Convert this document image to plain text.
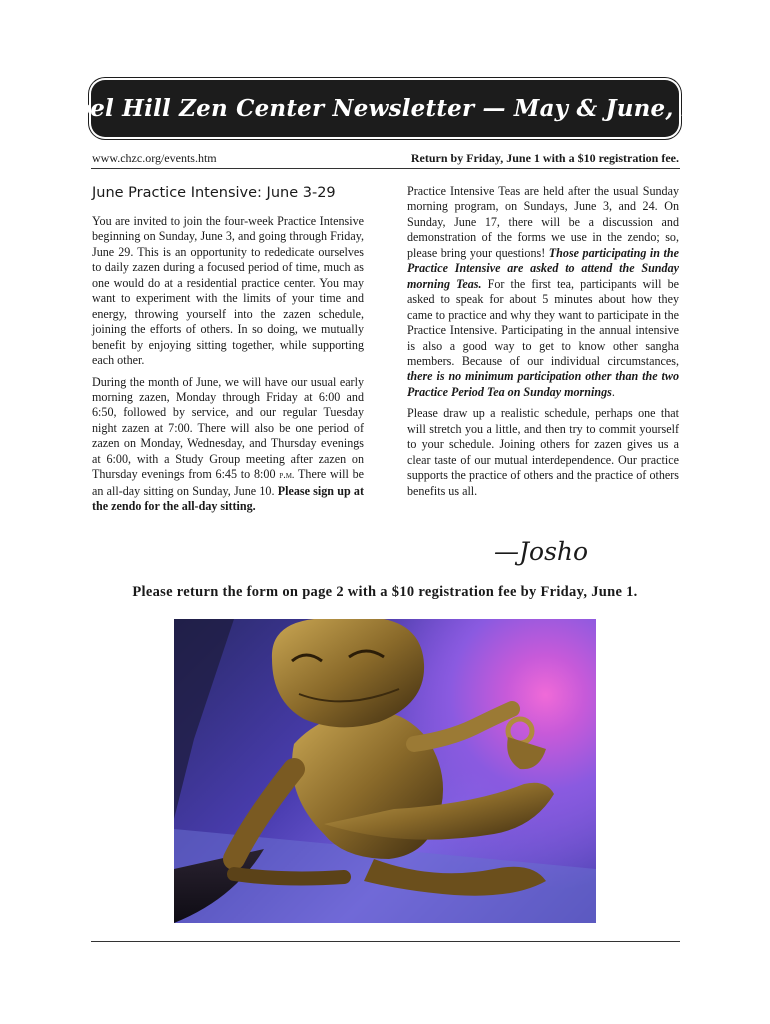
Chapel Hill Zen Center Newsletter — May & June, 2018
www.chzc.org/events.htm	Return by Friday, June 1 with a $10 registration fee.
June Practice Intensive: June 3-29

You are invited to join the four-week Practice Intensive beginning on Sunday, June 3, and going through Friday, June 29. This is an opportunity to rededicate ourselves to daily zazen during a focused period of time, much as one would do at a residential practice center. You may want to experiment with the limits of your time and energy, throwing yourself into the zazen schedule, joining the efforts of others. In so doing, we mutually benefit by enjoying sitting together, while supporting each other.

During the month of June, we will have our usual early morning zazen, Monday through Friday at 6:00 and 6:50, followed by service, and our regular Tuesday night zazen at 7:00. There will also be one period of zazen on Monday, Wednesday, and Thursday evenings at 6:00, with a Study Group meeting after zazen on Thursday evenings from 6:45 to 8:00 p.m. There will be an all-day sitting on Sunday, June 10. Please sign up at the zendo for the all-day sitting.

Practice Intensive Teas are held after the usual Sunday morning program, on Sundays, June 3, and 24. On Sunday, June 17, there will be a discussion and demonstration of the forms we use in the zendo; so, please bring your questions! Those participating in the Practice Intensive are asked to attend the Sunday morning Teas. For the first tea, participants will be asked to speak for about 5 minutes about how they came to practice and why they want to participate in the Practice Intensive. Participating in the annual intensive is also a good way to get to know other sangha members. Because of our individual circumstances, there is no minimum participation other than the two Practice Period Tea on Sunday mornings.

Please draw up a realistic schedule, perhaps one that will stretch you a little, and then try to commit yourself to your schedule. Joining others for zazen gives us a clear taste of our mutual interdependence. Our practice supports the practice of others and the practice of others benefits us all.

—Josho
Please return the form on page 2 with a $10 registration fee by Friday, June 1.
